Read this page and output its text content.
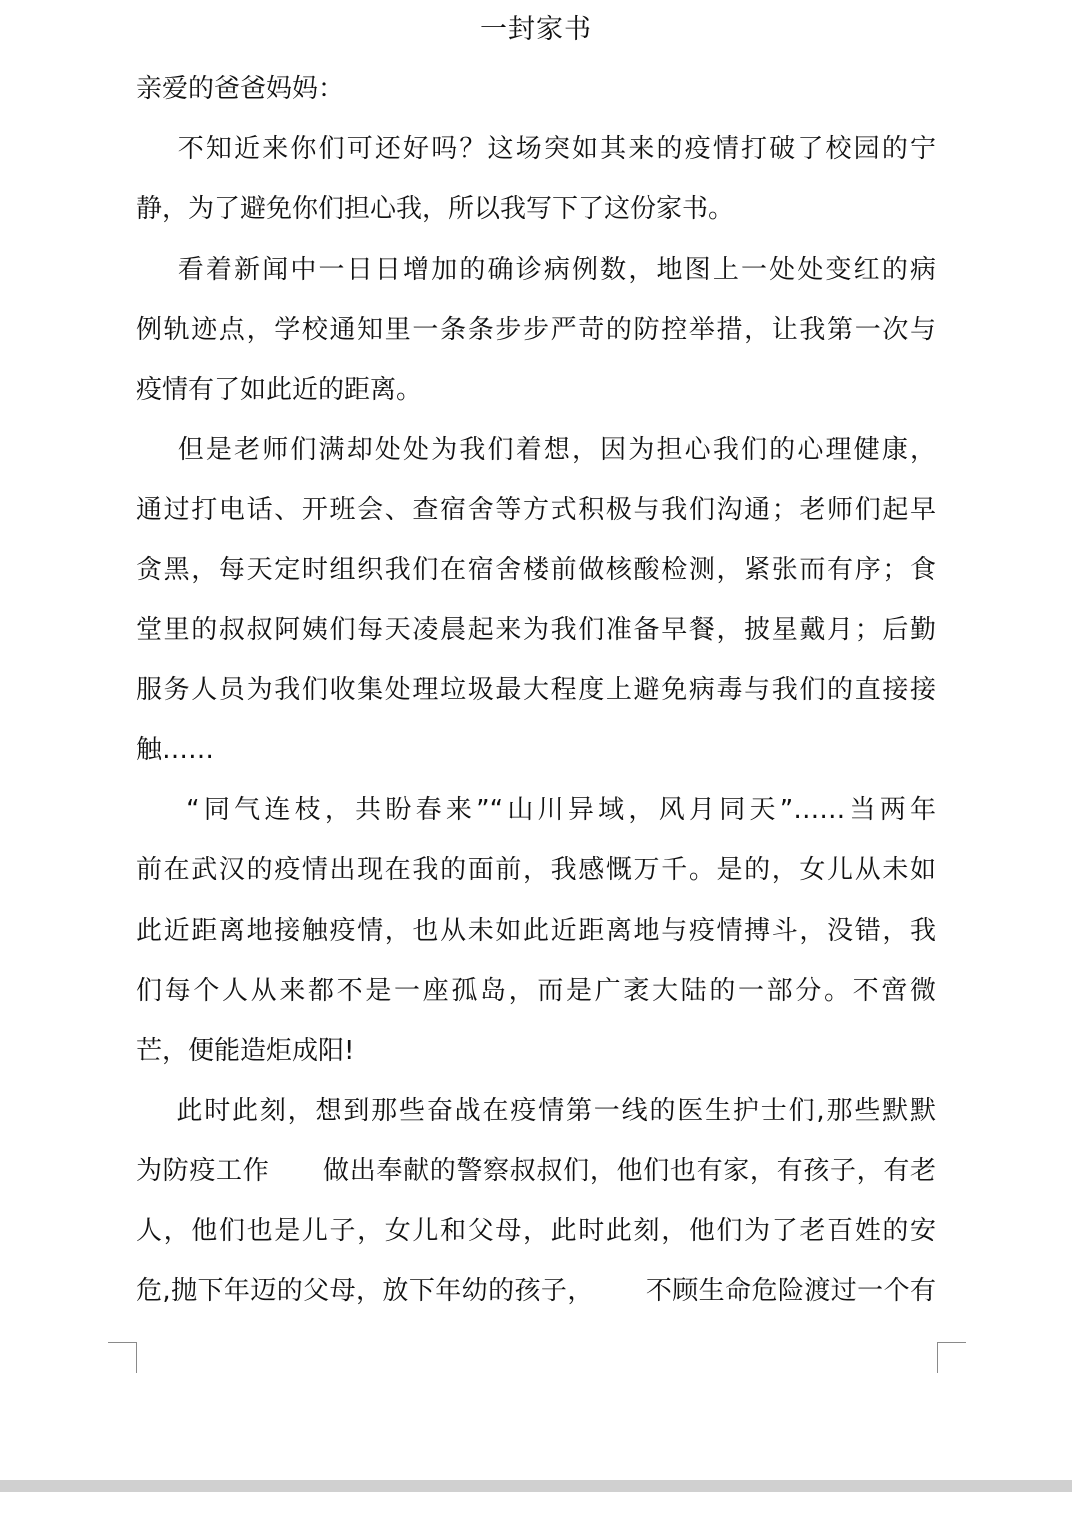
一封家书
亲爱的爸爸妈妈：
不知近来你们可还好吗？这场突如其来的疫情打破了校园的宁
静，为了避免你们担心我，所以我写下了这份家书。
看着新闻中一日日增加的确诊病例数，地图上一处处变红的病
例轨迹点，学校通知里一条条步步严苛的防控举措，让我第一次与
疫情有了如此近的距离。
但是老师们满却处处为我们着想，因为担心我们的心理健康，
通过打电话、开班会、查宿舍等方式积极与我们沟通；老师们起早
贪黑，每天定时组织我们在宿舍楼前做核酸检测，紧张而有序；食
堂里的叔叔阿姨们每天凌晨起来为我们准备早餐，披星戴月；后勤
服务人员为我们收集处理垃圾最大程度上避免病毒与我们的直接接
触……
“同气连枝，共盼春来”“山川异域，风月同天”……当两年
前在武汉的疫情出现在我的面前，我感慨万千。是的，女儿从未如
此近距离地接触疫情，也从未如此近距离地与疫情搏斗，没错，我
们每个人从来都不是一座孤岛，而是广袤大陆的一部分。不啻微
芒，便能造炬成阳!
此时此刻，想到那些奋战在疫情第一线的医生护士们,那些默默
为防疫工作      做出奉献的警察叔叔们，他们也有家，有孩子，有老
人，他们也是儿子，女儿和父母，此时此刻，他们为了老百姓的安
危,抛下年迈的父母，放下年幼的孩子，      不顾生命危险渡过一个有
